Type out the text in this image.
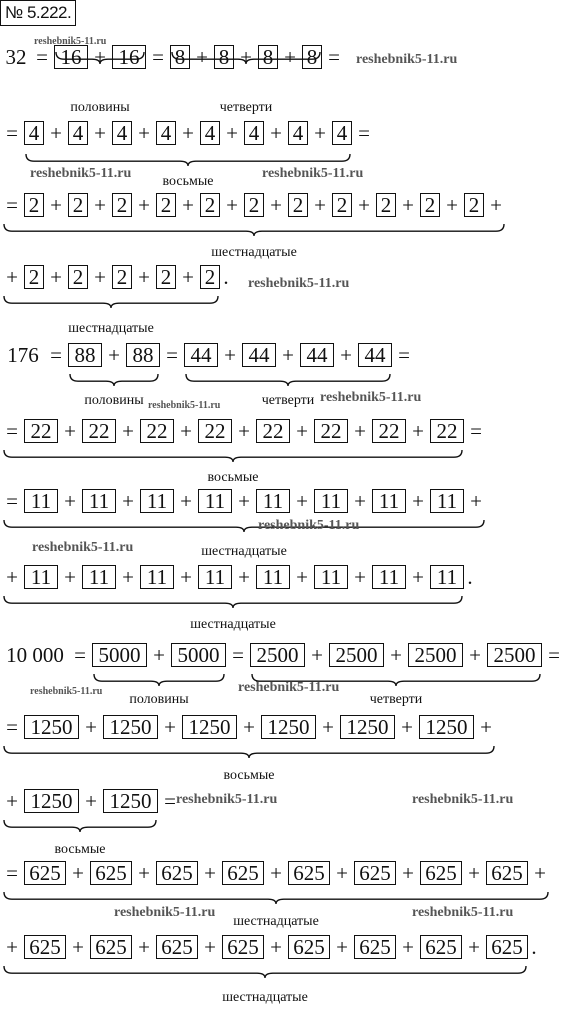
№ 5.222.
32 = 16 + 16 = 8 + 8 + 8 + 8 =
половины	четверти
= 4 + 4 + 4 + 4 + 4 + 4 + 4 + 4 =
восьмые
= 2 + 2 + 2 + 2 + 2 + 2 + 2 + 2 + 2 + 2 + 2 +
шестнадцатые
+ 2 + 2 + 2 + 2 + 2 .
шестнадцатые
176 = 88 + 88 = 44 + 44 + 44 + 44 =
половины	четверти
= 22 + 22 + 22 + 22 + 22 + 22 + 22 + 22 =
восьмые
= 11 + 11 + 11 + 11 + 11 + 11 + 11 + 11 +
шестнадцатые
+ 11 + 11 + 11 + 11 + 11 + 11 + 11 + 11 .
шестнадцатые
10 000 = 5000 + 5000 = 2500 + 2500 + 2500 + 2500 =
половины	четверти
= 1250 + 1250 + 1250 + 1250 + 1250 + 1250 +
восьмые
+ 1250 + 1250 =
восьмые
= 625 + 625 + 625 + 625 + 625 + 625 + 625 + 625 +
шестнадцатые
+ 625 + 625 + 625 + 625 + 625 + 625 + 625 + 625 .
шестнадцатые
reshebnik5-11.ru
reshebnik5-11.ru
reshebnik5-11.ru	reshebnik5-11.ru
reshebnik5-11.ru
reshebnik5-11.ru
reshebnik5-11.ru
reshebnik5-11.ru
reshebnik5-11.ru
reshebnik5-11.ru	reshebnik5-11.ru
reshebnik5-11.ru	reshebnik5-11.ru
reshebnik5-11.ru	reshebnik5-11.ru
